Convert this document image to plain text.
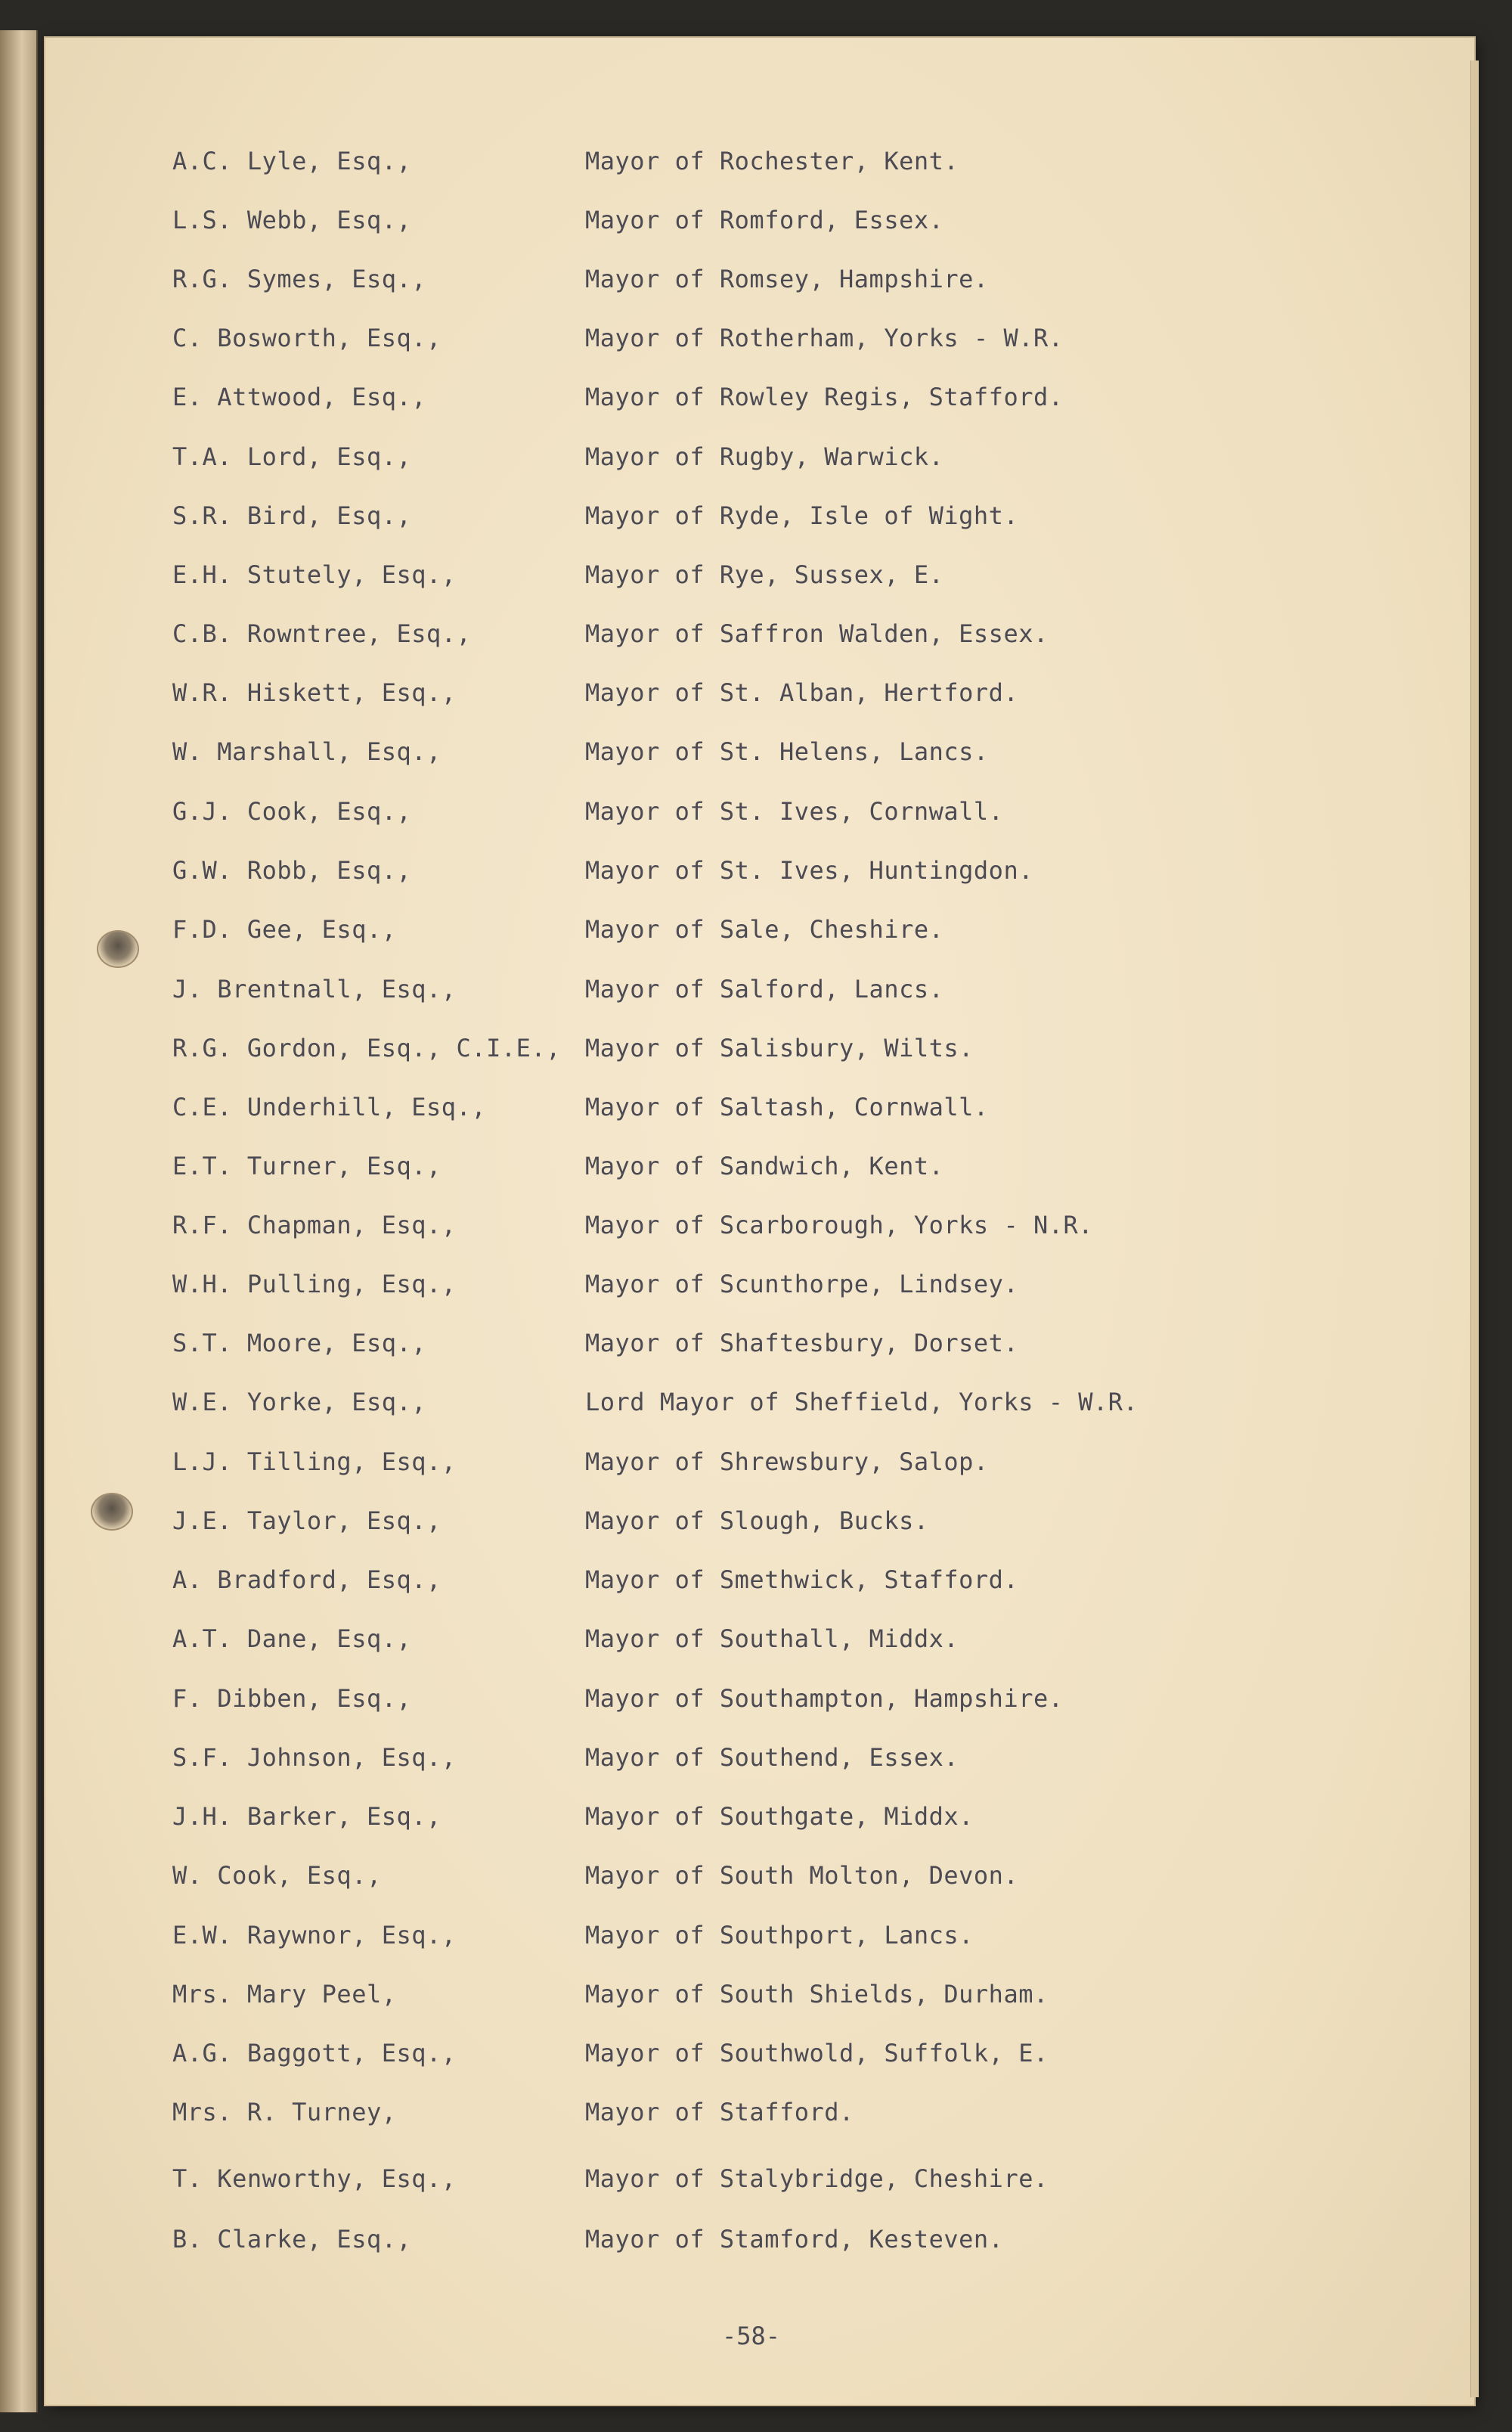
A.C. Lyle, Esq.,	Mayor of Rochester, Kent.
L.S. Webb, Esq.,	Mayor of Romford, Essex.
R.G. Symes, Esq.,	Mayor of Romsey, Hampshire.
C. Bosworth, Esq.,	Mayor of Rotherham, Yorks - W.R.
E. Attwood, Esq.,	Mayor of Rowley Regis, Stafford.
T.A. Lord, Esq.,	Mayor of Rugby, Warwick.
S.R. Bird, Esq.,	Mayor of Ryde, Isle of Wight.
E.H. Stutely, Esq.,	Mayor of Rye, Sussex, E.
C.B. Rowntree, Esq.,	Mayor of Saffron Walden, Essex.
W.R. Hiskett, Esq.,	Mayor of St. Alban, Hertford.
W. Marshall, Esq.,	Mayor of St. Helens, Lancs.
G.J. Cook, Esq.,	Mayor of St. Ives, Cornwall.
G.W. Robb, Esq.,	Mayor of St. Ives, Huntingdon.
F.D. Gee, Esq.,	Mayor of Sale, Cheshire.
J. Brentnall, Esq.,	Mayor of Salford, Lancs.
R.G. Gordon, Esq., C.I.E., Mayor of Salisbury, Wilts.
C.E. Underhill, Esq.,	Mayor of Saltash, Cornwall.
E.T. Turner, Esq.,	Mayor of Sandwich, Kent.
R.F. Chapman, Esq.,	Mayor of Scarborough, Yorks - N.R.
W.H. Pulling, Esq.,	Mayor of Scunthorpe, Lindsey.
S.T. Moore, Esq.,	Mayor of Shaftesbury, Dorset.
W.E. Yorke, Esq.,	Lord Mayor of Sheffield, Yorks - W.R.
L.J. Tilling, Esq.,	Mayor of Shrewsbury, Salop.
J.E. Taylor, Esq.,	Mayor of Slough, Bucks.
A. Bradford, Esq.,	Mayor of Smethwick, Stafford.
A.T. Dane, Esq.,	Mayor of Southall, Middx.
F. Dibben, Esq.,	Mayor of Southampton, Hampshire.
S.F. Johnson, Esq.,	Mayor of Southend, Essex.
J.H. Barker, Esq.,	Mayor of Southgate, Middx.
W. Cook, Esq.,	Mayor of South Molton, Devon.
E.W. Raywnor, Esq.,	Mayor of Southport, Lancs.
Mrs. Mary Peel,	Mayor of South Shields, Durham.
A.G. Baggott, Esq.,	Mayor of Southwold, Suffolk, E.
Mrs. R. Turney,	Mayor of Stafford.
T. Kenworthy, Esq.,	Mayor of Stalybridge, Cheshire.
B. Clarke, Esq.,	Mayor of Stamford, Kesteven.
-58-
